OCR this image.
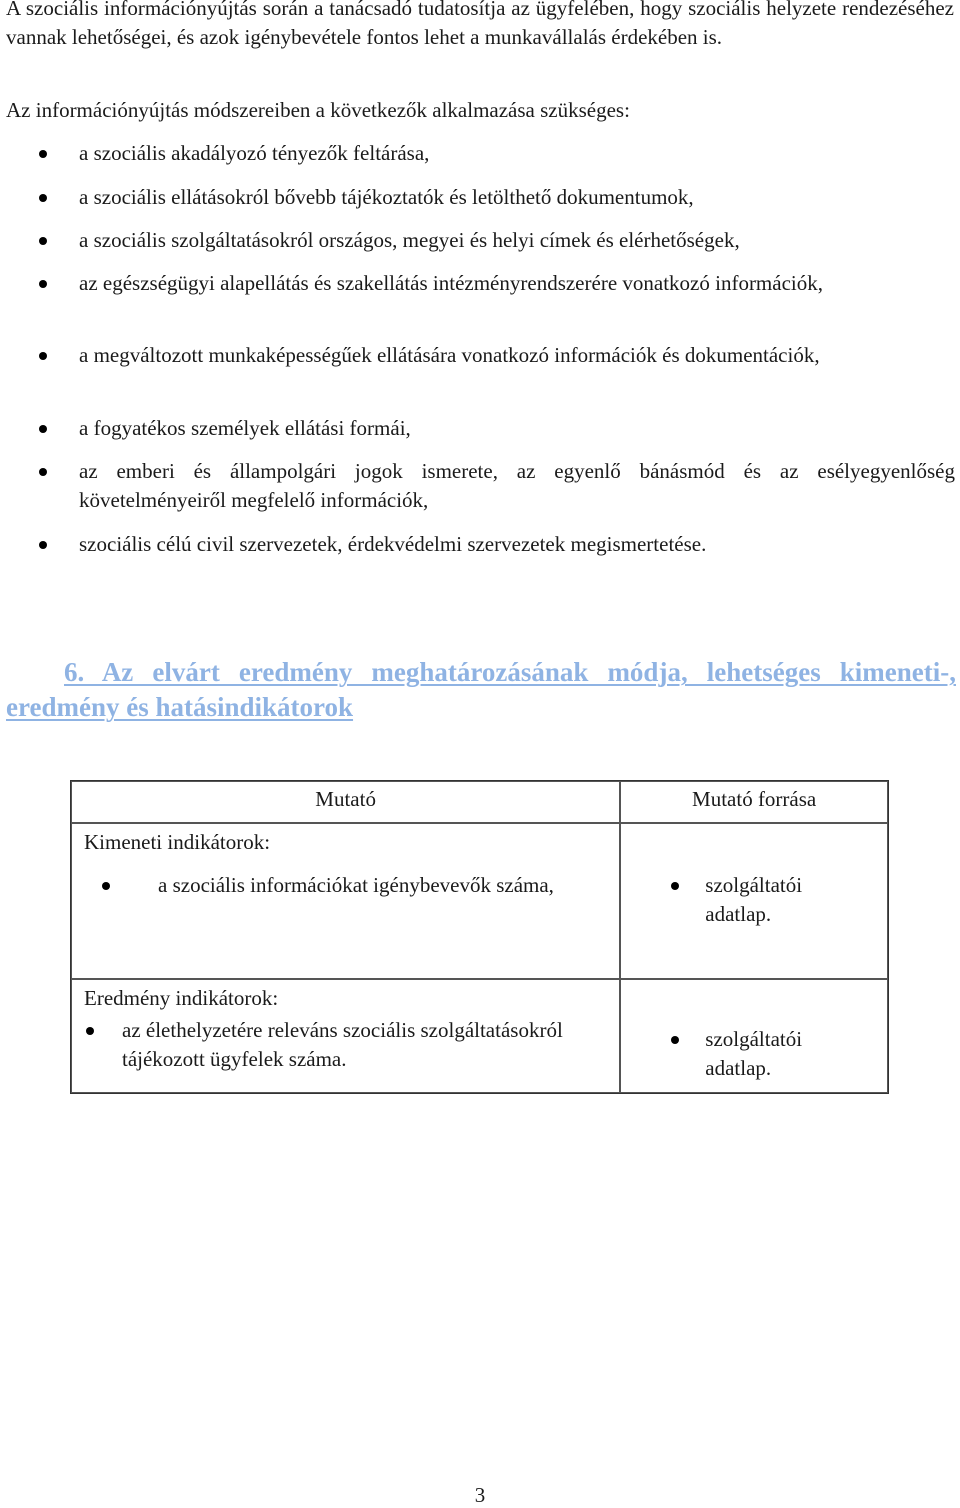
A szociális információnyújtás során a tanácsadó tudatosítja az ügyfelében, hogy szociális helyzete rendezéséhez vannak lehetőségei, és azok igénybevétele fontos lehet a munkavállalás érdekében is.
Az információnyújtás módszereiben a következők alkalmazása szükséges:
a szociális akadályozó tényezők feltárása,
a szociális ellátásokról bővebb tájékoztatók és letölthető dokumentumok,
a szociális szolgáltatásokról országos, megyei és helyi címek és elérhetőségek,
az egészségügyi alapellátás és szakellátás intézményrendszerére vonatkozó információk,
a megváltozott munkaképességűek ellátására vonatkozó információk és dokumentációk,
a fogyatékos személyek ellátási formái,
az emberi és állampolgári jogok ismerete, az egyenlő bánásmód és az esélyegyenlőség követelményeiről megfelelő információk,
szociális célú civil szervezetek, érdekvédelmi szervezetek megismertetése.
6. Az elvárt eredmény meghatározásának módja, lehetséges kimeneti-, eredmény és hatásindikátorok
Mutató	Mutató forrása

Kimeneti indikátorok:
a szociális információkat igénybevevők száma,	szolgáltatói adatlap.

Eredmény indikátorok:
az élethelyzetére releváns szociális szolgáltatásokról tájékozott ügyfelek száma.	szolgáltatói adatlap.
3
